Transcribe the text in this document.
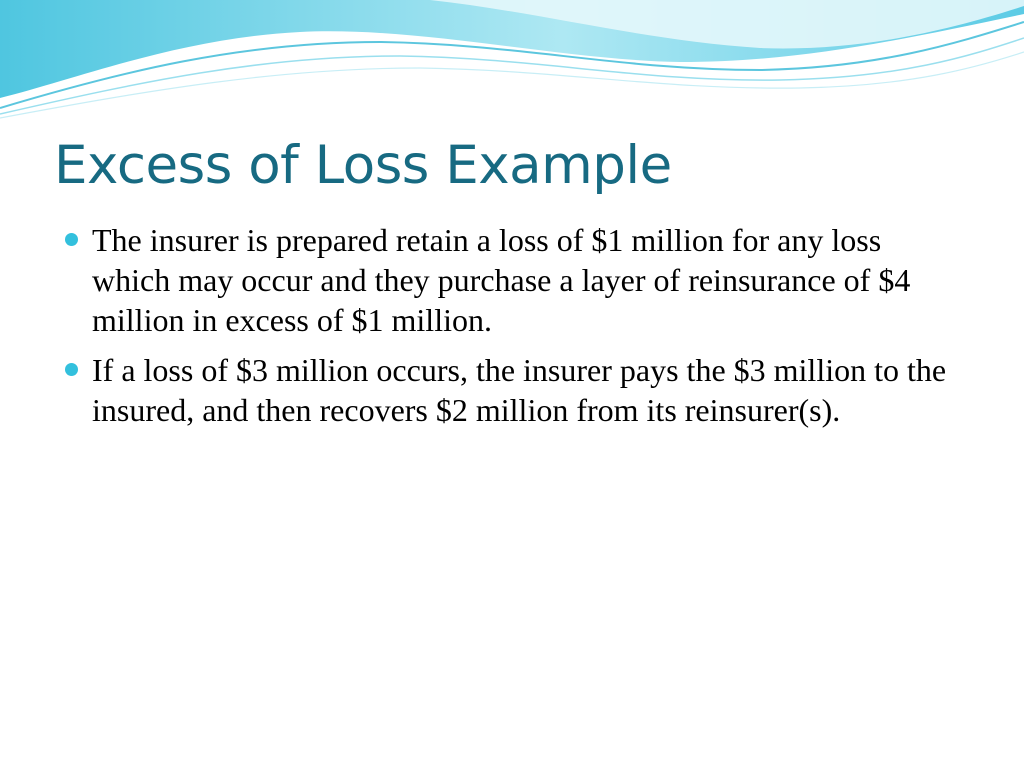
Excess of Loss Example
The insurer is prepared retain a loss of $1 million for any loss which may occur and they purchase a layer of reinsurance of $4 million in excess of $1 million.
If a loss of $3 million occurs, the insurer pays the $3 million to the insured, and then recovers $2 million from its reinsurer(s).
